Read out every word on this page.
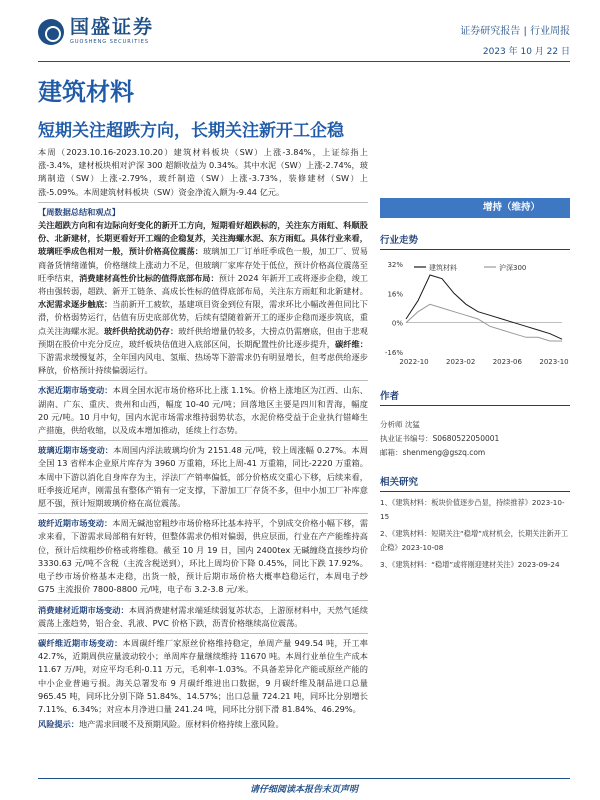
国盛证券
GUOSHENG SECURITIES
证券研究报告 | 行业周报
2023 年 10 月 22 日
建筑材料
短期关注超跌方向，长期关注新开工企稳

本周（2023.10.16-2023.10.20）建筑材料板块（SW）上涨-3.84%，上证综指上涨-3.4%，建材板块相对沪深 300 超额收益为 0.34%。其中水泥（SW）上涨-2.74%，玻璃制造（SW）上涨-2.79%，玻纤制造（SW）上涨-3.73%，装修建材（SW）上涨-5.09%。本周建筑材料板块（SW）资金净流入额为-9.44 亿元。

【周数据总结和观点】
关注超跌方向和有边际向好变化的新开工方向，短期看好超跌标的，关注东方雨虹、科顺股份、北新建材，长期更看好开工端的企稳复苏，关注海螺水泥、东方雨虹。具体行业来看，玻璃旺季成色相对一般，预计价格高位震荡：玻璃加工厂订单旺季成色一般，加工厂、贸易商备货情绪谨慎，价格继续上涨动力不足，但玻璃厂家库存处于低位，预计价格高位震荡至旺季结束，消费建材高性价比标的值得底部布局：预计 2024 年新开工或将逐步企稳，竣工将由强转弱，超跌、新开工链条、高成长性标的值得底部布局，关注东方雨虹和北新建材。水泥需求逐步触底：当前新开工疲软，基建项目资金到位有限，需求环比小幅改善但同比下滑，价格弱势运行，估值有历史底部优势，后续有望随着新开工的逐步企稳而逐步筑底，重点关注海螺水泥。玻纤供给扰动仍存：玻纤供给增量仍较多，大捞点仍需磨底，但由于悲观预期在股价中充分反应，玻纤板块估值进入底部区间，长期配置性价比逐步提升，碳纤维：下游需求缓慢复苏，全年国内风电、氢瓶、热场等下游需求仍有明显增长，但考虑供给逐步释放，价格预计持续偏弱运行。

水泥近期市场变动：本周全国水泥市场价格环比上涨 1.1%。价格上涨地区为江西、山东、湖南、广东、重庆、贵州和山西，幅度 10-40 元/吨；回落地区主要是四川和青海，幅度 20 元/吨。10 月中旬，国内水泥市场需求维持弱势状态，水泥价格受益于企业执行错峰生产措施，供给收缩，以及成本增加推动，延续上行态势。

玻璃近期市场变动：本周国内浮法玻璃均价为 2151.48 元/吨，较上周涨幅 0.27%。本周全国 13 省样本企业原片库存为 3960 万重箱，环比上周-41 万重箱，同比-2220 万重箱。本周中下游以消化自身库存为主，浮法厂产销率偏低，部分价格成交重心下移，后续来看，旺季接近尾声，刚需虽有整体产销有一定支撑，下游加工厂存货不多，但中小加工厂补库意愿不强，预计短期玻璃价格在高位震荡。

玻纤近期市场变动：本周无碱池窑粗纱市场价格环比基本持平，个别成交价格小幅下移，需求来看，下游需求局部稍有好转，但整体需求仍相对偏弱，供应层面，行业在产产能维持高位，预计后续粗纱价格或将维稳。截至 10 月 19 日，国内 2400tex 无碱缠绕直接纱均价 3330.63 元/吨不含税（主流含税送到），环比上周均价下降 0.45%，同比下跌 17.92%。电子纱市场价格基本走稳，出货一般，预计后期市场价格大概率趋稳运行，本周电子纱 G75 主流报价 7800-8800 元/吨，电子布 3.2-3.8 元/米。

消费建材近期市场变动：本周消费建材需求端延续弱复苏状态，上游原材料中，天然气延续震荡上涨趋势，铝合金、乳液、PVC 价格下跌，沥青价格继续高位震荡。

碳纤维近期市场变动：本周碳纤维厂家原丝价格维持稳定，单周产量 949.54 吨，开工率 42.7%，近期周供应量波动较小；单周库存量继续维持 11670 吨。本周行业单位生产成本 11.67 万/吨，对应平均毛利-0.11 万元，毛利率-1.03%。不具备差异化产能或原丝产能的中小企业普遍亏损。海关总署发布 9 月碳纤维进出口数据，9 月碳纤维及制品进口总量 965.45 吨，同环比分别下降 51.84%、14.57%；出口总量 724.21 吨，同环比分别增长 7.11%、6.34%；对应本月净进口量 241.24 吨，同环比分别下滑 81.84%、46.29%。

风险提示：地产需求回暖不及预期风险。原材料价格持续上涨风险。

增持（维持）
行业走势
32%
16%
0%
-16%
2022-10 2023-02 2023-06 2023-10
建筑材料	沪深300
作者
分析师 沈猛
执业证书编号：S0680522050001
邮箱：shenmeng@gszq.com
相关研究
1、《建筑材料：板块价值逐步凸显，持续推荐》2023-10-15
2、《建筑材料：短期关注“稳增”成材机会，长期关注新开工企稳》2023-10-08
3、《建筑材料：“稳增”或将刚迎建材关注》2023-09-24
请仔细阅读本报告末页声明
